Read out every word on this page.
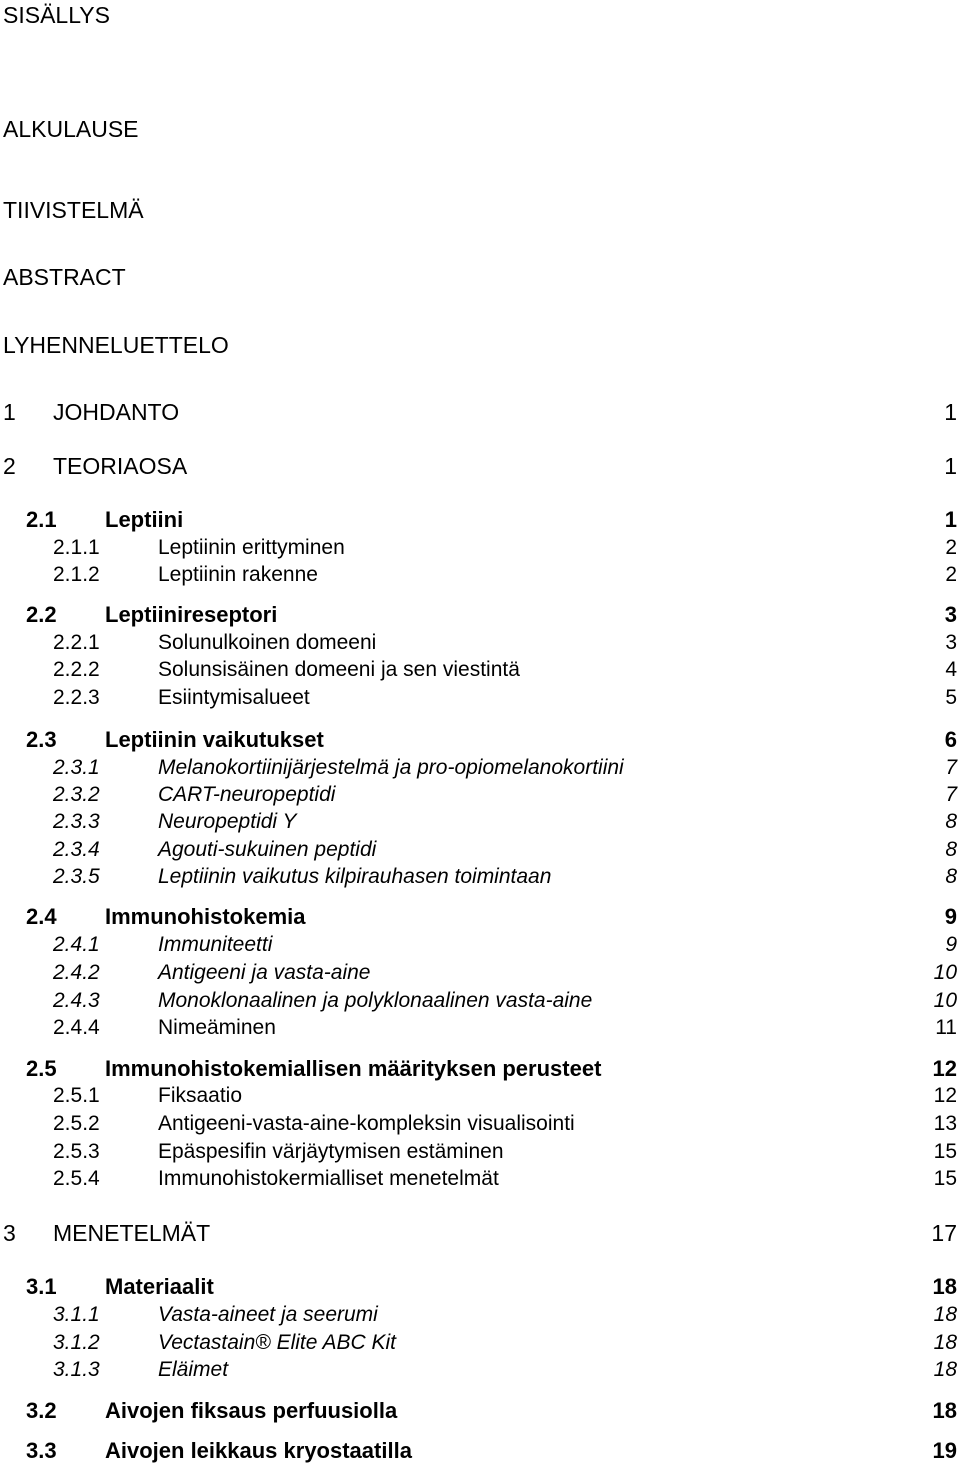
SISÄLLYS
ALKULAUSE
TIIVISTELMÄ
ABSTRACT
LYHENNELUETTELO
1 JOHDANTO	1
2 TEORIAOSA	1
2.1 Leptiini	1
2.1.1	Leptiinin erittyminen	2
2.1.2	Leptiinin rakenne	2
2.2 Leptiinireseptori	3
2.2.1	Solunulkoinen domeeni	3
2.2.2	Solunsisäinen domeeni ja sen viestintä	4
2.2.3	Esiintymisalueet	5
2.3 Leptiinin vaikutukset	6
2.3.1	Melanokortiinijärjestelmä ja pro-opiomelanokortiini	7
2.3.2	CART-neuropeptidi	7
2.3.3	Neuropeptidi Y	8
2.3.4	Agouti-sukuinen peptidi	8
2.3.5	Leptiinin vaikutus kilpirauhasen toimintaan	8
2.4 Immunohistokemia	9
2.4.1	Immuniteetti	9
2.4.2	Antigeeni ja vasta-aine	10
2.4.3	Monoklonaalinen ja polyklonaalinen vasta-aine	10
2.4.4	Nimeäminen	11
2.5 Immunohistokemiallisen määrityksen perusteet	12
2.5.1	Fiksaatio	12
2.5.2	Antigeeni-vasta-aine-kompleksin visualisointi	13
2.5.3	Epäspesifin värjäytymisen estäminen	15
2.5.4	Immunohistokermialliset menetelmät	15
3 MENETELMÄT	17
3.1 Materiaalit	18
3.1.1	Vasta-aineet ja seerumi	18
3.1.2	Vectastain® Elite ABC Kit	18
3.1.3	Eläimet	18
3.2 Aivojen fiksaus perfuusiolla	18
3.3 Aivojen leikkaus kryostaatilla	19
